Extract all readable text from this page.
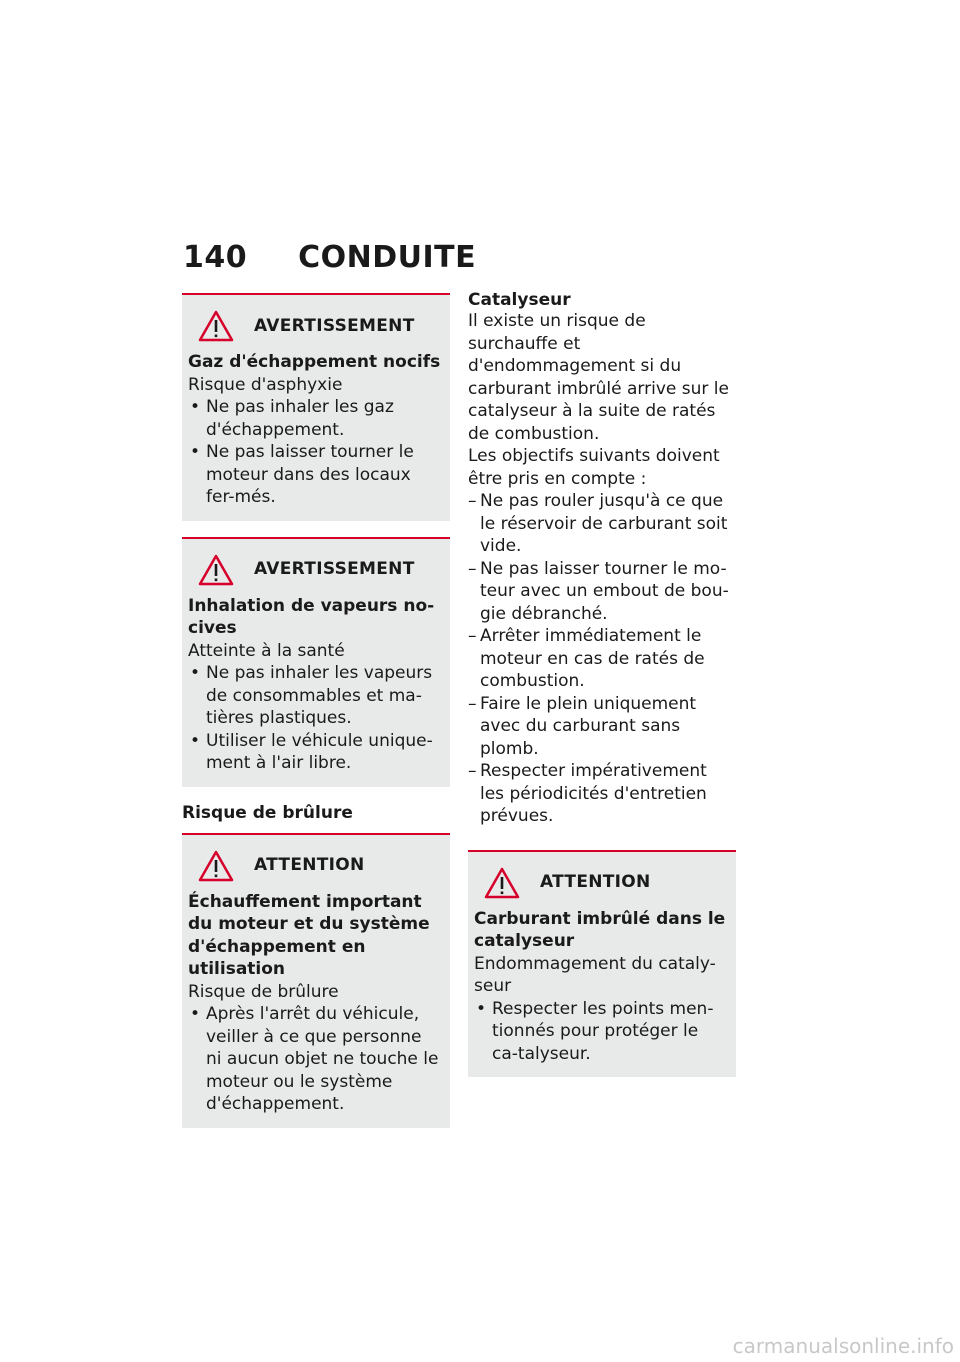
140 CONDUITE
AVERTISSEMENT
Gaz d'échappement nocifs
Risque d'asphyxie
• Ne pas inhaler les gaz d'échappement.
• Ne pas laisser tourner le moteur dans des locaux fer-més.
AVERTISSEMENT
Inhalation de vapeurs no-cives
Atteinte à la santé
• Ne pas inhaler les vapeurs de consommables et ma-tières plastiques.
• Utiliser le véhicule unique-ment à l'air libre.
Risque de brûlure
ATTENTION
Échauffement important du moteur et du système d'échappement en utilisation
Risque de brûlure
• Après l'arrêt du véhicule, veiller à ce que personne ni aucun objet ne touche le moteur ou le système d'échappement.
Catalyseur
Il existe un risque de surchauffe et d'endommagement si du carburant imbrûlé arrive sur le catalyseur à la suite de ratés de combustion.
Les objectifs suivants doivent être pris en compte :
– Ne pas rouler jusqu'à ce que le réservoir de carburant soit vide.
– Ne pas laisser tourner le mo-teur avec un embout de bou-gie débranché.
– Arrêter immédiatement le moteur en cas de ratés de combustion.
– Faire le plein uniquement avec du carburant sans plomb.
– Respecter impérativement les périodicités d'entretien prévues.
ATTENTION
Carburant imbrûlé dans le catalyseur
Endommagement du cataly-seur
• Respecter les points men-tionnés pour protéger le ca-talyseur.
carmanualsonline.info
